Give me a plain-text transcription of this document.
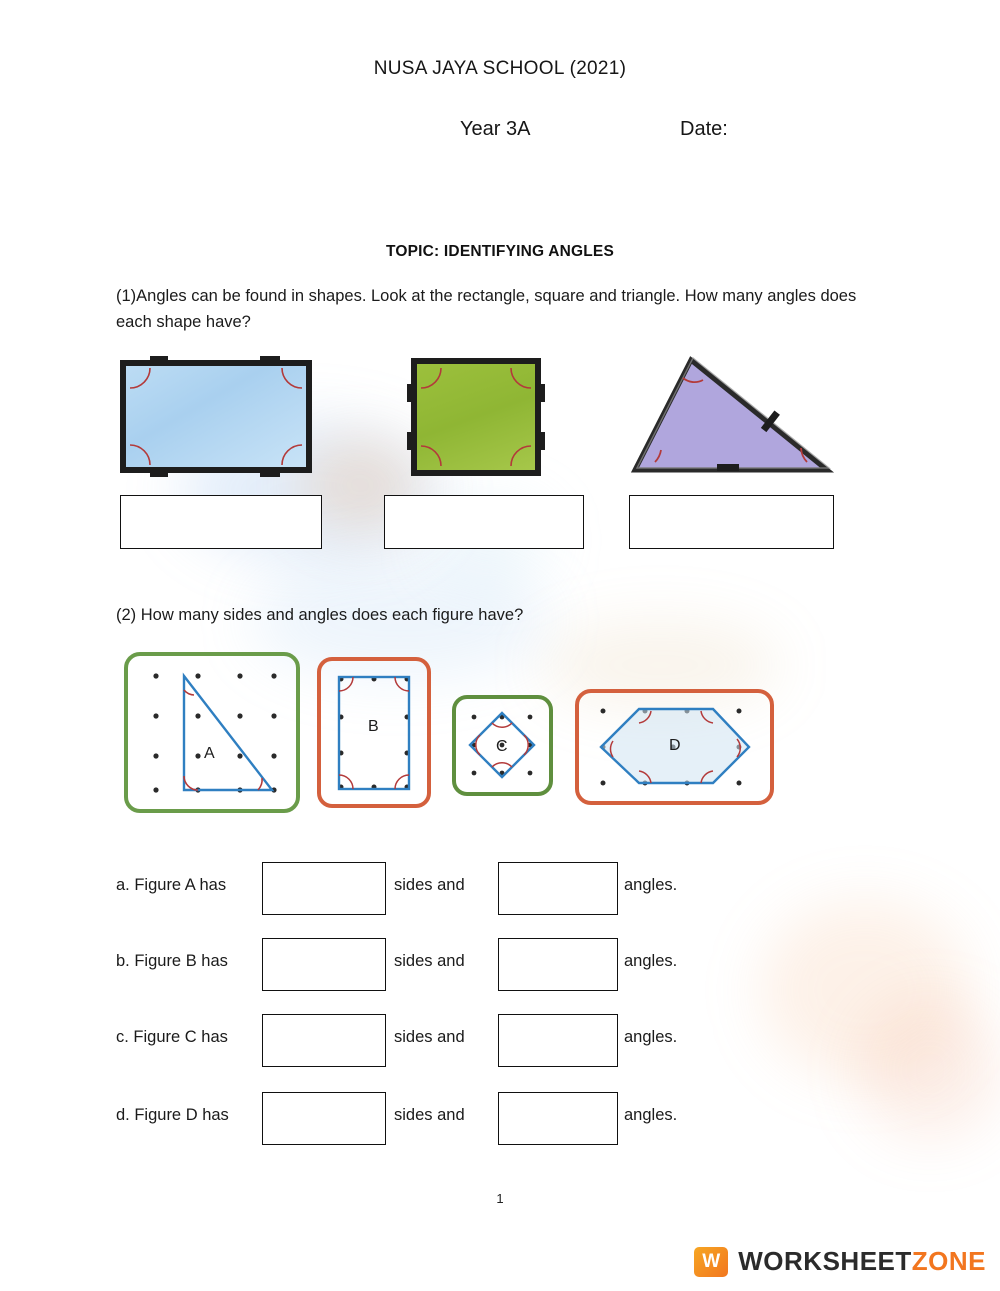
NUSA JAYA SCHOOL (2021)
Year 3A	Date:
TOPIC: IDENTIFYING ANGLES
(1)Angles can be found in shapes. Look at the rectangle, square and triangle. How many angles does each shape have?
(2) How many sides and angles does each figure have?
A
B
C	D
a. Figure A has	sides and	angles.
b. Figure B has	sides and	angles.
c. Figure C has	sides and	angles.
d. Figure D has	sides and	angles.
1
W WORKSHEETZONE
